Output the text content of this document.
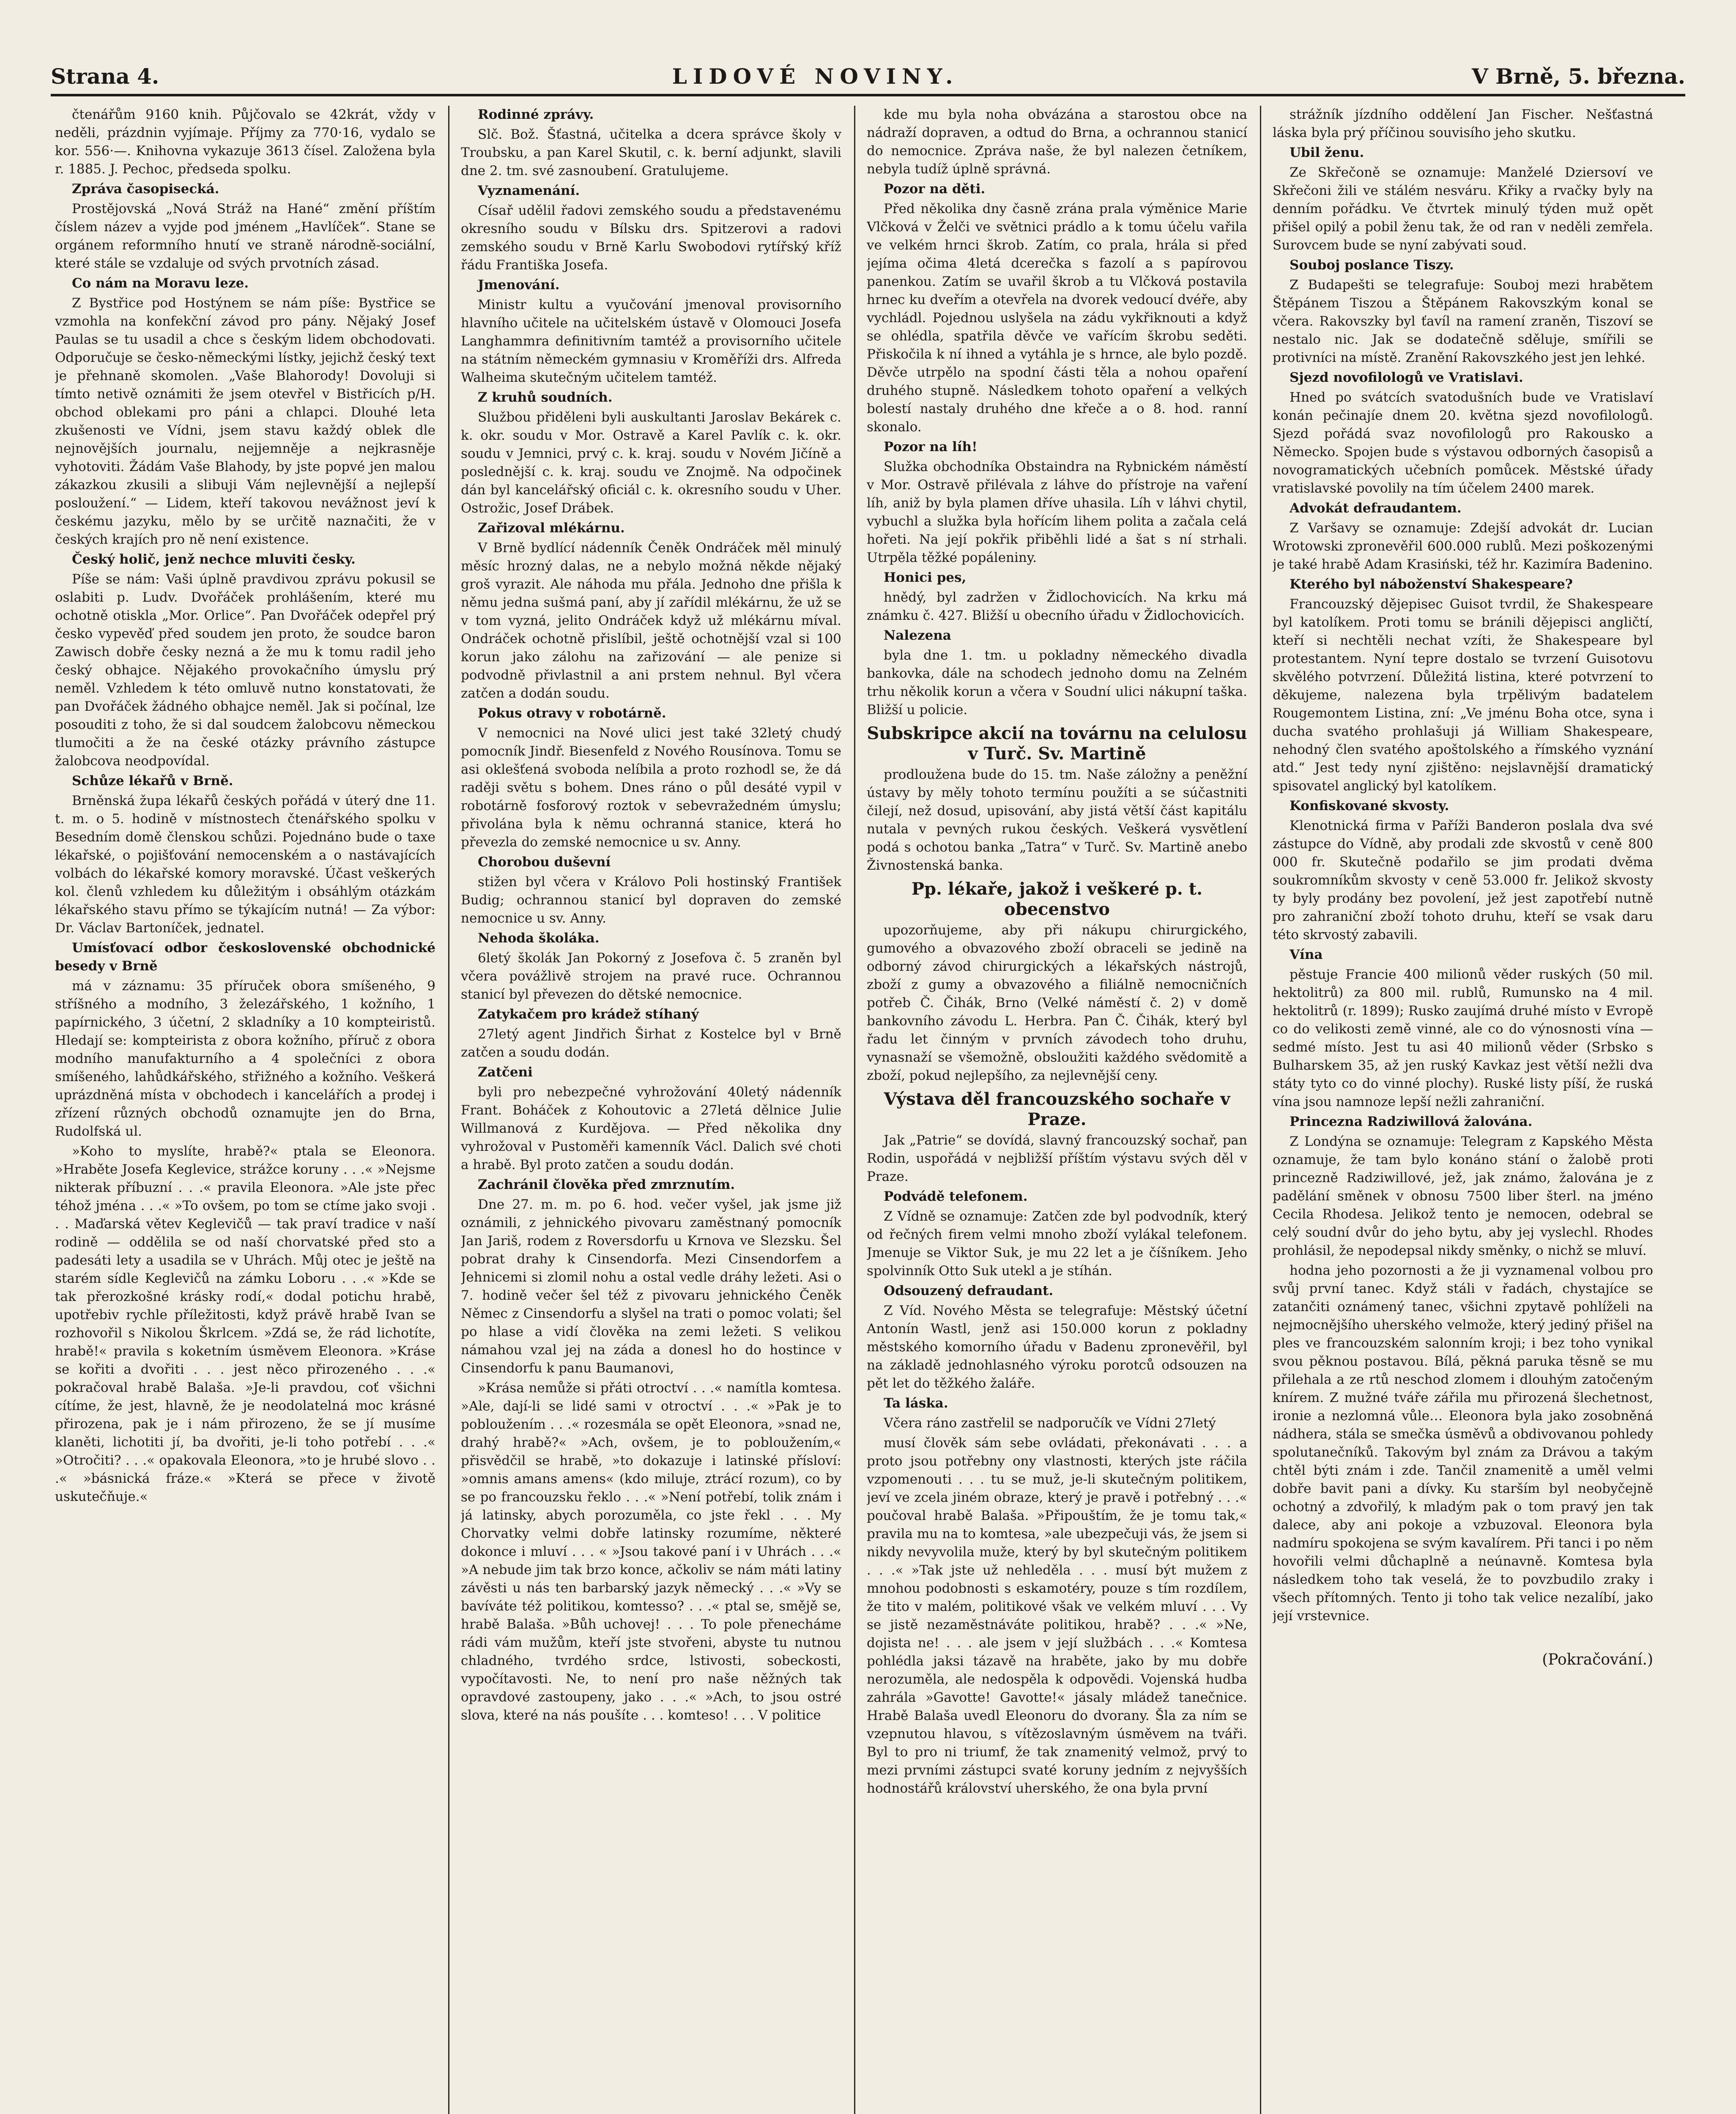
Strana 4.	LIDOVÉ NOVINY.	V Brně, 5. března.

čtenářům 9160 knih. Půjčovalo se 42krát, vždy v neděli, prázdnin vyjímaje. Příjmy za 770·16, vydalo se kor. 556·—. Knihovna vykazuje 3613 čísel. Založena byla r. 1885. J. Pechoc, předseda spolku.

Zpráva časopisecká.

Prostějovská „Nová Stráž na Hané“ změní příštím číslem název a vyjde pod jménem „Havlíček“. Stane se orgánem reformního hnutí ve straně národně-sociální, které stále se vzdaluje od svých prvotních zásad.

Co nám na Moravu leze.

Z Bystřice pod Hostýnem se nám píše: Bystřice se vzmohla na konfekční závod pro pány. Nějaký Josef Paulas se tu usadil a chce s českým lidem obchodovati. Odporučuje se česko-německými lístky, jejichž český text je přehnaně skomolen. „Vaše Blahorody! Dovoluji si tímto netivě oznámiti že jsem otevřel v Bistřicích p/H. obchod oblekami pro páni a chlapci. Dlouhé leta zkušenosti ve Vídni, jsem stavu každý oblek dle nejnovějších journalu, nejjemněje a nejkrasněje vyhotoviti. Žádám Vaše Blahody, by jste popvé jen malou zákazkou zkusili a slibuji Vám nejlevnější a nejlepší posloužení.“ — Lidem, kteří takovou nevážnost jeví k českému jazyku, mělo by se určitě naznačiti, že v českých krajích pro ně není existence.

Český holič, jenž nechce mluviti česky.

Píše se nám: Vaši úplně pravdivou zprávu pokusil se oslabiti p. Ludv. Dvořáček prohlášením, které mu ochotně otiskla „Mor. Orlice“. Pan Dvořáček odepřel prý česko vypevěď před soudem jen proto, že soudce baron Zawisch dobře česky nezná a že mu k tomu radil jeho český obhajce. Nějakého provokačního úmyslu prý neměl. Vzhledem k této omluvě nutno konstatovati, že pan Dvořáček žádného obhajce neměl. Jak si počínal, lze posouditi z toho, že si dal soudcem žalobcovu německou tlumočiti a že na české otázky právního zástupce žalobcova neodpovídal.

Schůze lékařů v Brně.

Brněnská župa lékařů českých pořádá v úterý dne 11. t. m. o 5. hodině v místnostech čtenářského spolku v Besedním domě členskou schůzi. Pojednáno bude o taxe lékařské, o pojišťování nemocenském a o nastávajících volbách do lékařské komory moravské. Účast veškerých kol. členů vzhledem ku důležitým i obsáhlým otázkám lékařského stavu přímo se týkajícím nutná! — Za výbor: Dr. Václav Bartoníček, jednatel.

Umísťovací odbor československé obchodnické besedy v Brně

má v záznamu: 35 příruček obora smíšeného, 9 stříšného a modního, 3 železářského, 1 kožního, 1 papírnického, 3 účetní, 2 skladníky a 10 kompteiristů. Hledají se: kompteirista z obora kožního, příruč z obora modního manufakturního a 4 společníci z obora smíšeného, lahůdkářského, střižného a kožního. Veškerá uprázdněná místa v obchodech i kancelářích a prodej i zřízení různých obchodů oznamujte jen do Brna, Rudolfská ul.

»Koho to myslíte, hrabě?« ptala se Eleonora. »Hraběte Josefa Keglevice, strážce koruny . . .« »Nejsme nikterak příbuzní . . .« pravila Eleonora. »Ale jste přec téhož jména . . .« »To ovšem, po tom se ctíme jako svoji . . . Maďarská větev Keglevičů — tak praví tradice v naší rodině — oddělila se od naší chorvatské před sto a padesáti lety a usadila se v Uhrách. Můj otec je ještě na starém sídle Keglevičů na zámku Loboru . . .« »Kde se tak přerozkošné krásky rodí,« dodal potichu hrabě, upotřebiv rychle příležitosti, když právě hrabě Ivan se rozhovořil s Nikolou Škrlcem. »Zdá se, že rád lichotíte, hrabě!« pravila s koketním úsměvem Eleonora. »Kráse se kořiti a dvořiti . . . jest něco přirozeného . . .« pokračoval hrabě Balaša. »Je-li pravdou, coť všichni cítíme, že jest, hlavně, že je neodolatelná moc krásné přirozena, pak je i nám přirozeno, že se jí musíme klaněti, lichotiti jí, ba dvořiti, je-li toho potřebí . . .« »Otročiti? . . .« opakovala Eleonora, »to je hrubé slovo . . .« »básnická fráze.« »Která se přece v životě uskutečňuje.«

Rodinné zprávy.

Slč. Bož. Šťastná, učitelka a dcera správce školy v Troubsku, a pan Karel Skutil, c. k. berní adjunkt, slavili dne 2. tm. své zasnoubení. Gratulujeme.

Vyznamenání.

Císař udělil řadovi zemského soudu a představenému okresního soudu v Bílsku drs. Spitzerovi a radovi zemského soudu v Brně Karlu Swobodovi rytířský kříž řádu Františka Josefa.

Jmenování.

Ministr kultu a vyučování jmenoval provisorního hlavního učitele na učitelském ústavě v Olomouci Josefa Langhammra definitivním tamtéž a provisorního učitele na státním německém gymnasiu v Kroměříži drs. Alfreda Walheima skutečným učitelem tamtéž.

Z kruhů soudních.

Službou přiděleni byli auskultanti Jaroslav Bekárek c. k. okr. soudu v Mor. Ostravě a Karel Pavlík c. k. okr. soudu v Jemnici, prvý c. k. kraj. soudu v Novém Jičíně a poslednější c. k. kraj. soudu ve Znojmě. Na odpočinek dán byl kancelářský oficiál c. k. okresního soudu v Uher. Ostrožic, Josef Drábek.

Zařizoval mlékárnu.

V Brně bydlící nádenník Čeněk Ondráček měl minulý měsíc hrozný dalas, ne a nebylo možná někde nějaký groš vyrazit. Ale náhoda mu přála. Jednoho dne přišla k němu jedna sušmá paní, aby jí zařídil mlékárnu, že už se v tom vyzná, jelito Ondráček když už mlékárnu míval. Ondráček ochotně přislíbil, ještě ochotnější vzal si 100 korun jako zálohu na zařizování — ale penize si podvodně přivlastnil a ani prstem nehnul. Byl včera zatčen a dodán soudu.

Pokus otravy v robotárně.

V nemocnici na Nové ulici jest také 32letý chudý pomocník Jindř. Biesenfeld z Nového Rousínova. Tomu se asi oklešťená svoboda nelíbila a proto rozhodl se, že dá raději světu s bohem. Dnes ráno o půl desáté vypil v robotárně fosforový roztok v sebevražedném úmyslu; přivolána byla k němu ochranná stanice, která ho převezla do zemské nemocnice u sv. Anny.

Chorobou duševní

stižen byl včera v Královo Poli hostinský František Budig; ochrannou stanicí byl dopraven do zemské nemocnice u sv. Anny.

Nehoda školáka.

6letý školák Jan Pokorný z Josefova č. 5 zraněn byl včera povážlivě strojem na pravé ruce. Ochrannou stanicí byl převezen do dětské nemocnice.

Zatykačem pro krádež stíhaný

27letý agent Jindřich Širhat z Kostelce byl v Brně zatčen a soudu dodán.

Zatčeni

byli pro nebezpečné vyhrožování 40letý nádenník Frant. Boháček z Kohoutovic a 27letá dělnice Julie Willmanová z Kurdějova. — Před několika dny vyhrožoval v Pustoměři kamenník Václ. Dalich své choti a hrabě. Byl proto zatčen a soudu dodán.

Zachránil člověka před zmrznutím.

Dne 27. m. m. po 6. hod. večer vyšel, jak jsme již oznámili, z jehnického pivovaru zaměstnaný pomocník Jan Jariš, rodem z Roversdorfu u Krnova ve Slezsku. Šel pobrat drahy k Cinsendorfa. Mezi Cinsendorfem a Jehnicemi si zlomil nohu a ostal vedle dráhy ležeti. Asi o 7. hodině večer šel též z pivovaru jehnického Čeněk Němec z Cinsendorfu a slyšel na trati o pomoc volati; šel po hlase a vidí člověka na zemi ležeti. S velikou námahou vzal jej na záda a donesl ho do hostince v Cinsendorfu k panu Baumanovi,

»Krása nemůže si přáti otroctví . . .« namítla komtesa. »Ale, dají-li se lidé sami v otroctví . . .« »Pak je to pobloužením . . .« rozesmála se opět Eleonora, »snad ne, drahý hrabě?« »Ach, ovšem, je to pobloužením,« přisvědčil se hrabě, »to dokazuje i latinské přísloví: »omnis amans amens« (kdo miluje, ztrácí rozum), co by se po francouzsku řeklo . . .« »Není potřebí, tolik znám i já latinsky, abych porozuměla, co jste řekl . . . My Chorvatky velmi dobře latinsky rozumíme, některé dokonce i mluví . . . « »Jsou takové paní i v Uhrách . . .« »A nebude jim tak brzo konce, ačkoliv se nám máti latiny závěsti u nás ten barbarský jazyk německý . . .« »Vy se bavíváte též politikou, komtesso? . . .« ptal se, smějě se, hrabě Balaša. »Bůh uchovej! . . . To pole přenecháme rádi vám mužům, kteří jste stvořeni, abyste tu nutnou chladného, tvrdého srdce, lstivosti, sobeckosti, vypočítavosti. Ne, to není pro naše něžných tak opravdové zastoupeny, jako . . .« »Ach, to jsou ostré slova, které na nás poušíte . . . komteso! . . . V politice

kde mu byla noha obvázána a starostou obce na nádraží dopraven, a odtud do Brna, a ochrannou stanicí do nemocnice. Zpráva naše, že byl nalezen četníkem, nebyla tudíž úplně správná.

Pozor na děti.

Před několika dny časně zrána prala výměnice Marie Vlčková v Želči ve světnici prádlo a k tomu účelu vařila ve velkém hrnci škrob. Zatím, co prala, hrála si před jejíma očima 4letá dcerečka s fazolí a s papírovou panenkou. Zatím se uvařil škrob a tu Vlčková postavila hrnec ku dveřím a otevřela na dvorek vedoucí dvéře, aby vychládl. Pojednou uslyšela na zádu vykřiknouti a když se ohlédla, spatřila děvče ve vařícím škrobu seděti. Přiskočila k ní ihned a vytáhla je s hrnce, ale bylo pozdě. Děvče utrpělo na spodní části těla a nohou opaření druhého stupně. Následkem tohoto opaření a velkých bolestí nastaly druhého dne křeče a o 8. hod. ranní skonalo.

Pozor na líh!

Služka obchodníka Obstaindra na Rybnickém náměstí v Mor. Ostravě přilévala z láhve do přístroje na vaření líh, aniž by byla plamen dříve uhasila. Líh v láhvi chytil, vybuchl a služka byla hořícím lihem polita a začala celá hořeti. Na její pokřik přiběhli lidé a šat s ní strhali. Utrpěla těžké popáleniny.

Honici pes,

hnědý, byl zadržen v Židlochovicích. Na krku má známku č. 427. Bližší u obecního úřadu v Židlochovicích.

Nalezena

byla dne 1. tm. u pokladny německého divadla bankovka, dále na schodech jednoho domu na Zelném trhu několik korun a včera v Soudní ulici nákupní taška. Bližší u policie.

Subskripce akcií na továrnu na celulosu v Turč. Sv. Martině

prodloužena bude do 15. tm. Naše záložny a peněžní ústavy by měly tohoto termínu použíti a se súčastniti čilejí, než dosud, upisování, aby jistá větší část kapitálu nutala v pevných rukou českých. Veškerá vysvětlení podá s ochotou banka „Tatra“ v Turč. Sv. Martině anebo Živnostenská banka.

Pp. lékaře, jakož i veškeré p. t. obecenstvo

upozorňujeme, aby při nákupu chirurgického, gumového a obvazového zboží obraceli se jedině na odborný závod chirurgických a lékařských nástrojů, zboží z gumy a obvazového a filiálně nemocničních potřeb Č. Čihák, Brno (Velké náměstí č. 2) v domě bankovního závodu L. Herbra. Pan Č. Čihák, který byl řadu let činným v prvních závodech toho druhu, vynasnaží se všemožně, obsloužiti každého svědomitě a zboží, pokud nejlepšího, za nejlevnější ceny.

Výstava děl francouzského sochaře v Praze.

Jak „Patrie“ se dovídá, slavný francouzský sochař, pan Rodin, uspořádá v nejbližší příštím výstavu svých děl v Praze.

Podvádě telefonem.

Z Vídně se oznamuje: Zatčen zde byl podvodník, který od řečných firem velmi mnoho zboží vylákal telefonem. Jmenuje se Viktor Suk, je mu 22 let a je číšníkem. Jeho spolvinník Otto Suk utekl a je stíhán.

Odsouzený defraudant.

Z Víd. Nového Města se telegrafuje: Městský účetní Antonín Wastl, jenž asi 150.000 korun z pokladny městského komorního úřadu v Badenu zpronevěřil, byl na základě jednohlasného výroku porotců odsouzen na pět let do těžkého žaláře.

Ta láska.

Včera ráno zastřelil se nadporučík ve Vídni 27letý

musí člověk sám sebe ovládati, překonávati . . . a proto jsou potřebny ony vlastnosti, kterých jste ráčila vzpomenouti . . . tu se muž, je-li skutečným politikem, jeví ve zcela jiném obraze, který je pravě i potřebný . . .« poučoval hrabě Balaša. »Připouštím, že je tomu tak,« pravila mu na to komtesa, »ale ubezpečuji vás, že jsem si nikdy nevyvolila muže, který by byl skutečným politikem . . .« »Tak jste už nehleděla . . . musí být mužem z mnohou podobnosti s eskamotéry, pouze s tím rozdílem, že tito v malém, politikové však ve velkém mluví . . . Vy se jistě nezaměstnáváte politikou, hrabě? . . .« »Ne, dojista ne! . . . ale jsem v její službách . . .« Komtesa pohlédla jaksi tázavě na hraběte, jako by mu dobře nerozuměla, ale nedospěla k odpovědi. Vojenská hudba zahrála »Gavotte! Gavotte!« jásaly mládež tanečnice. Hrabě Balaša uvedl Eleonoru do dvorany. Šla za ním se vzepnutou hlavou, s vítězoslavným úsměvem na tváři. Byl to pro ni triumf, že tak znamenitý velmož, prvý to mezi prvními zástupci svaté koruny jedním z nejvyšších hodnostářů království uherského, že ona byla první

strážník jízdního oddělení Jan Fischer. Nešťastná láska byla prý příčinou souvisího jeho skutku.

Ubil ženu.

Ze Skřečoně se oznamuje: Manželé Dziersoví ve Skřečoni žili ve stálém nesváru. Křiky a rvačky byly na denním pořádku. Ve čtvrtek minulý týden muž opět přišel opilý a pobil ženu tak, že od ran v neděli zemřela. Surovcem bude se nyní zabývati soud.

Souboj poslance Tiszy.

Z Budapešti se telegrafuje: Souboj mezi hrabětem Štěpánem Tiszou a Štěpánem Rakovszkým konal se včera. Rakovszky byl ťavíl na ramení zraněn, Tiszoví se nestalo nic. Jak se dodatečně sděluje, smířili se protivníci na místě. Zranění Rakovszkého jest jen lehké.

Sjezd novofilologů ve Vratislavi.

Hned po svátcích svatodušních bude ve Vratislaví konán pečinajíe dnem 20. května sjezd novofilologů. Sjezd pořádá svaz novofilologů pro Rakousko a Německo. Spojen bude s výstavou odborných časopisů a novogramatických učebních pomůcek. Městské úřady vratislavské povolily na tím účelem 2400 marek.

Advokát defraudantem.

Z Varšavy se oznamuje: Zdejší advokát dr. Lucian Wrotowski zpronevěřil 600.000 rublů. Mezi poškozenými je také hrabě Adam Krasiński, též hr. Kazimíra Badenino.

Kterého byl náboženství Shakespeare?

Francouzský dějepisec Guisot tvrdil, že Shakespeare byl katolíkem. Proti tomu se bránili dějepisci angličtí, kteří si nechtěli nechat vzíti, že Shakespeare byl protestantem. Nyní tepre dostalo se tvrzení Guisotovu skvělého potvrzení. Důležitá listina, které potvrzení to děkujeme, nalezena byla trpělivým badatelem Rougemontem Listina, zní: „Ve jménu Boha otce, syna i ducha svatého prohlašuji já William Shakespeare, nehodný člen svatého apoštolského a římského vyznání atd.“ Jest tedy nyní zjištěno: nejslavnější dramatický spisovatel anglický byl katolíkem.

Konfiskované skvosty.

Klenotnická firma v Paříži Banderon poslala dva své zástupce do Vídně, aby prodali zde skvostů v ceně 800 000 fr. Skutečně podařilo se jim prodati dvěma soukromníkům skvosty v ceně 53.000 fr. Jelikož skvosty ty byly prodány bez povolení, jež jest zapotřebí nutně pro zahraniční zboží tohoto druhu, kteří se vsak daru této skrvostý zabavili.

Vína

pěstuje Francie 400 milionů věder ruských (50 mil. hektolitrů) za 800 mil. rublů, Rumunsko na 4 mil. hektolitrů (r. 1899); Rusko zaujímá druhé místo v Evropě co do velikosti země vinné, ale co do výnosnosti vína — sedmé místo. Jest tu asi 40 milionů věder (Srbsko s Bulharskem 35, až jen ruský Kavkaz jest větší nežli dva státy tyto co do vinné plochy). Ruské listy píší, že ruská vína jsou namnoze lepší nežli zahraniční.

Princezna Radziwillová žalována.

Z Londýna se oznamuje: Telegram z Kapského Města oznamuje, že tam bylo konáno stání o žalobě proti princezně Radziwillové, jež, jak známo, žalována je z padělání směnek v obnosu 7500 liber šterl. na jméno Cecila Rhodesa. Jelikož tento je nemocen, odebral se celý soudní dvůr do jeho bytu, aby jej vyslechl. Rhodes prohlásil, že nepodepsal nikdy směnky, o nichž se mluví.

hodna jeho pozornosti a že ji vyznamenal volbou pro svůj první tanec. Když stáli v řadách, chystajíce se zatančiti oznámený tanec, všichni zpytavě pohlíželi na nejmocnějšího uherského velmože, který jediný přišel na ples ve francouzském salonním kroji; i bez toho vynikal svou pěknou postavou. Bílá, pěkná paruka těsně se mu přilehala a ze rtů neschod zlomem i dlouhým zatočeným knírem. Z mužné tváře zářila mu přirozená šlechetnost, ironie a nezlomná vůle… Eleonora byla jako zosobněná nádhera, stála se smečka úsměvů a obdivovanou pohledy spolutanečníků. Takovým byl znám za Drávou a takým chtěl býti znám i zde. Tančil znamenitě a uměl velmi dobře bavit pani a dívky. Ku starším byl neobyčejně ochotný a zdvořilý, k mladým pak o tom pravý jen tak dalece, aby ani pokoje a vzbuzoval. Eleonora byla nadmíru spokojena se svým kavalírem. Při tanci i po něm hovořili velmi důchaplně a neúnavně. Komtesa byla následkem toho tak veselá, že to povzbudilo zraky i všech přítomných. Tento ji toho tak velice nezalíbí, jako její vrstevnice.

(Pokračování.)
